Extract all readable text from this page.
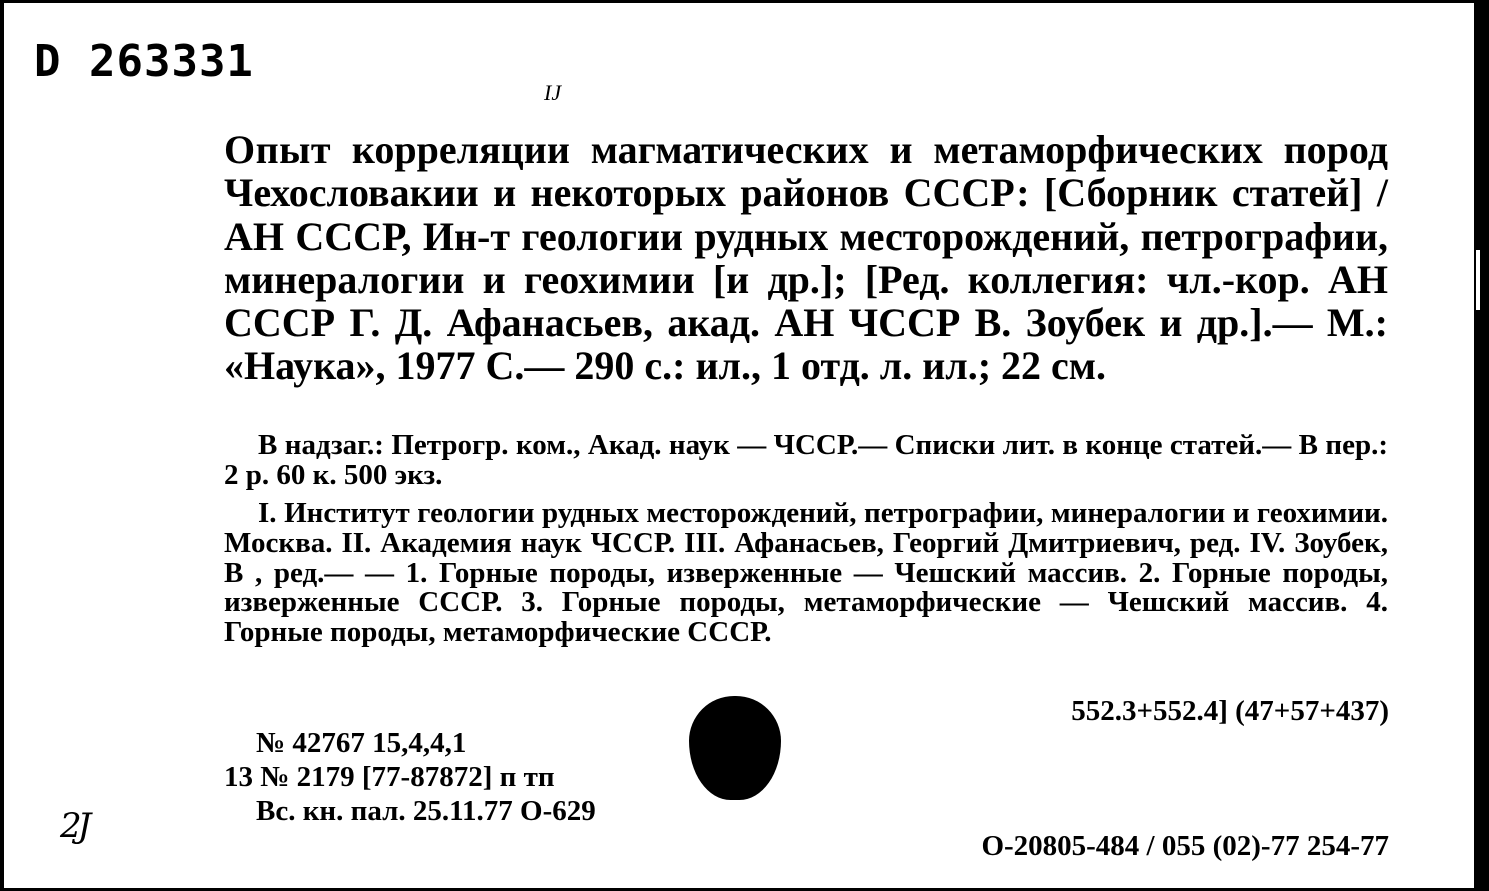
D 263331
IJ

Опыт корреляции магматических и метаморфических пород Чехословакии и некоторых районов СССР: [Сборник статей] / АН СССР, Ин-т геологии рудных месторождений, петрографии, минералогии и геохимии [и др.]; [Ред. коллегия: чл.-кор. АН СССР Г. Д. Афанасьев, акад. АН ЧССР В. Зоубек и др.].— М.: «Наука», 1977 С.— 290 с.: ил., 1 отд. л. ил.; 22 см.

В надзаг.: Петрогр. ком., Акад. наук — ЧССР.— Списки лит. в конце статей.— В пер.: 2 р. 60 к. 500 экз.

I. Институт геологии рудных месторождений, петрографии, минералогии и геохимии. Москва. II. Академия наук ЧССР. III. Афанасьев, Георгий Дмитриевич, ред. IV. Зоубек, В , ред.— — 1. Горные породы, изверженные — Чешский массив. 2. Горные породы, изверженные СССР. 3. Горные породы, метаморфические — Чешский массив. 4. Горные породы, метаморфические СССР.

552.3+552.4] (47+57+437)
№ 42767 15,4,4,1
13 № 2179 [77-87872] п тп
Вс. кн. пал. 25.11.77 О-629
О-20805-484 / 055 (02)-77 254-77
2J
